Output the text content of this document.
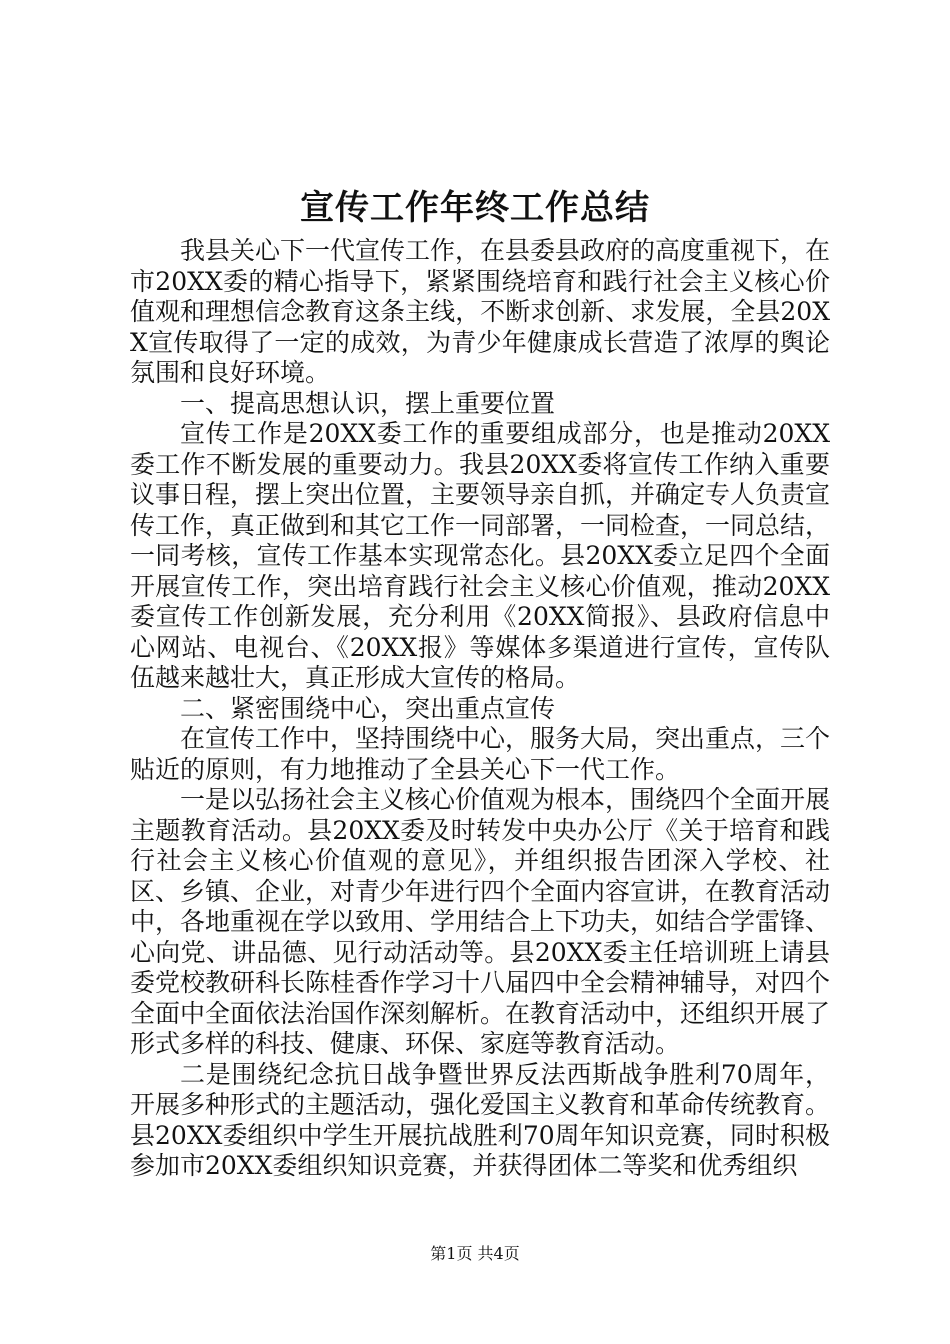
宣传工作年终工作总结

我县关心下一代宣传工作，在县委县政府的高度重视下，在市20XX委的精心指导下，紧紧围绕培育和践行社会主义核心价值观和理想信念教育这条主线，不断求创新、求发展，全县20XX宣传取得了一定的成效，为青少年健康成长营造了浓厚的舆论氛围和良好环境。

一、提高思想认识，摆上重要位置

宣传工作是20XX委工作的重要组成部分，也是推动20XX委工作不断发展的重要动力。我县20XX委将宣传工作纳入重要议事日程，摆上突出位置，主要领导亲自抓，并确定专人负责宣传工作，真正做到和其它工作一同部署，一同检查，一同总结，一同考核，宣传工作基本实现常态化。县20XX委立足四个全面开展宣传工作，突出培育践行社会主义核心价值观，推动20XX委宣传工作创新发展，充分利用《20XX简报》、县政府信息中心网站、电视台、《20XX报》等媒体多渠道进行宣传，宣传队伍越来越壮大，真正形成大宣传的格局。

二、紧密围绕中心，突出重点宣传

在宣传工作中，坚持围绕中心，服务大局，突出重点，三个贴近的原则，有力地推动了全县关心下一代工作。

一是以弘扬社会主义核心价值观为根本，围绕四个全面开展主题教育活动。县20XX委及时转发中央办公厅《关于培育和践行社会主义核心价值观的意见》，并组织报告团深入学校、社区、乡镇、企业，对青少年进行四个全面内容宣讲，在教育活动中，各地重视在学以致用、学用结合上下功夫，如结合学雷锋、心向党、讲品德、见行动活动等。县20XX委主任培训班上请县委党校教研科长陈桂香作学习十八届四中全会精神辅导，对四个全面中全面依法治国作深刻解析。在教育活动中，还组织开展了形式多样的科技、健康、环保、家庭等教育活动。

二是围绕纪念抗日战争暨世界反法西斯战争胜利70周年，开展多种形式的主题活动，强化爱国主义教育和革命传统教育。县20XX委组织中学生开展抗战胜利70周年知识竞赛，同时积极参加市20XX委组织知识竞赛，并获得团体二等奖和优秀组织

第1页 共4页
